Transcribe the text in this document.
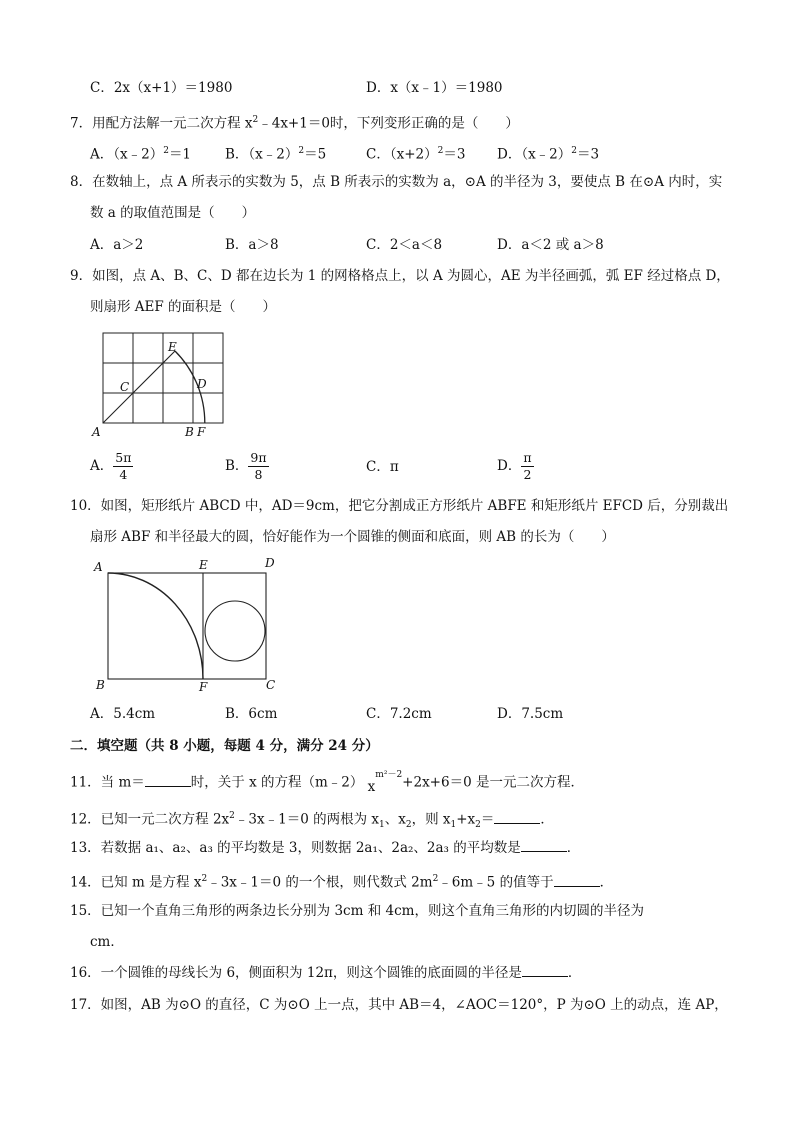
C．2x（x+1）＝1980	D．x（x﹣1）＝1980
7．用配方法解一元二次方程 $x^2﹣4x+1=0$时，下列变形正确的是（　　）
A．（x﹣2）$^2$＝1	B．（x﹣2）$^2$＝5	C．$(x+2)^2=3$ D．（x﹣2）$^2$＝3
8．在数轴上，点 A 所表示的实数为 5，点 B 所表示的实数为 a，⊙A 的半径为 3，要使点 B 在⊙A 内时，实
数 a 的取值范围是（　　）
A．a＞2	B．a＞8	C．2＜a＜8	D．a＜2 或 a＞8
9．如图，点 A、B、C、D 都在边长为 1 的网格格点上，以 A 为圆心，AE 为半径画弧，弧 EF 经过格点 D，
则扇形 AEF 的面积是（　　）
A
C
E
D
B F
A． $\frac{5\pi}{4}$	B． $\frac{9\pi}{8}$	C．π	D． $\frac{\pi}{2}$
10．如图，矩形纸片 ABCD 中，AD＝9cm，把它分割成正方形纸片 ABFE 和矩形纸片 EFCD 后，分别裁出
扇形 ABF 和半径最大的圆，恰好能作为一个圆锥的侧面和底面，则 AB 的长为（　　）
A	E	D
B	F	C
A．5.4cm	B．6cm	C．7.2cm	D．7.5cm
二．填空题（共 8 小题，每题 4 分，满分 24 分）
11．当 m＝	时，关于 x 的方程（m﹣2） $x^{m^2-2}+2x+6=0$ 是一元二次方程．
12．已知一元二次方程 $2x^2﹣3x﹣1=0$ 的两根为 $x_1$、$x_2$，则 $x_1+x_2=$	．
13．若数据 a₁、a₂、a₃ 的平均数是 3，则数据 2a₁、2a₂、2a₃ 的平均数是	．
14．已知 m 是方程 $x^2﹣3x﹣1=0$ 的一个根，则代数式 $2m^2﹣6m﹣5$ 的值等于	．
15．已知一个直角三角形的两条边长分别为 3cm 和 4cm，则这个直角三角形的内切圆的半径为
cm．
16．一个圆锥的母线长为 6，侧面积为 12π，则这个圆锥的底面圆的半径是	．
17．如图，AB 为⊙O 的直径，C 为⊙O 上一点，其中 AB＝4，∠AOC＝120°，P 为⊙O 上的动点，连 AP，
